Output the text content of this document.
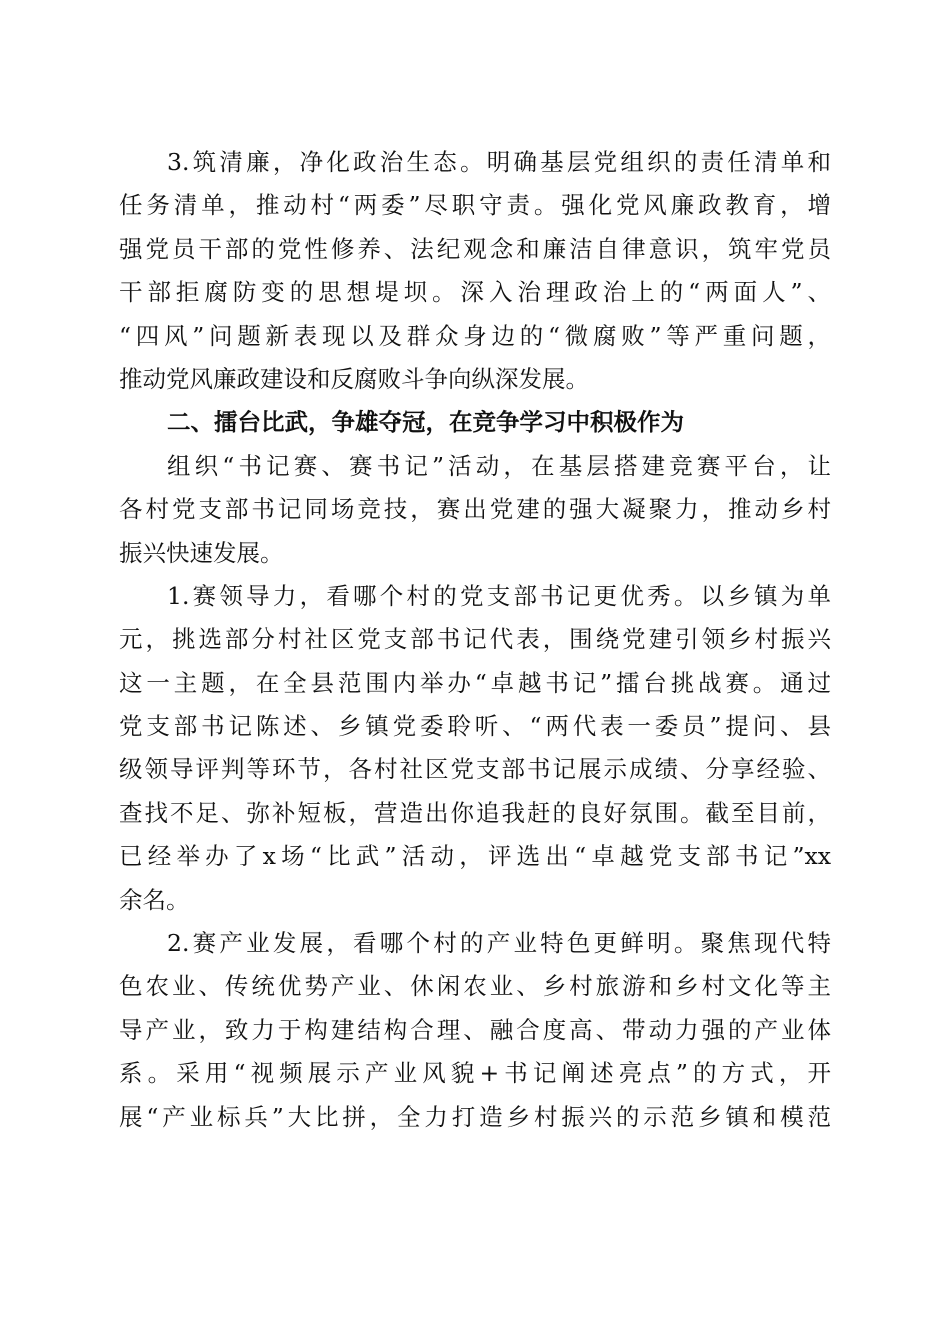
3.筑清廉，净化政治生态。明确基层党组织的责任清单和
任务清单，推动村“两委”尽职守责。强化党风廉政教育，增
强党员干部的党性修养、法纪观念和廉洁自律意识，筑牢党员
干部拒腐防变的思想堤坝。深入治理政治上的“两面人”、
“四风”问题新表现以及群众身边的“微腐败”等严重问题，
推动党风廉政建设和反腐败斗争向纵深发展。
二、擂台比武，争雄夺冠，在竞争学习中积极作为
组织“书记赛、赛书记”活动，在基层搭建竞赛平台，让
各村党支部书记同场竞技，赛出党建的强大凝聚力，推动乡村
振兴快速发展。
1.赛领导力，看哪个村的党支部书记更优秀。以乡镇为单
元，挑选部分村社区党支部书记代表，围绕党建引领乡村振兴
这一主题，在全县范围内举办“卓越书记”擂台挑战赛。通过
党支部书记陈述、乡镇党委聆听、“两代表一委员”提问、县
级领导评判等环节，各村社区党支部书记展示成绩、分享经验、
查找不足、弥补短板，营造出你追我赶的良好氛围。截至目前，
已经举办了x场“比武”活动，评选出“卓越党支部书记”xx
余名。
2.赛产业发展，看哪个村的产业特色更鲜明。聚焦现代特
色农业、传统优势产业、休闲农业、乡村旅游和乡村文化等主
导产业，致力于构建结构合理、融合度高、带动力强的产业体
系。采用“视频展示产业风貌+书记阐述亮点”的方式，开
展“产业标兵”大比拼，全力打造乡村振兴的示范乡镇和模范
